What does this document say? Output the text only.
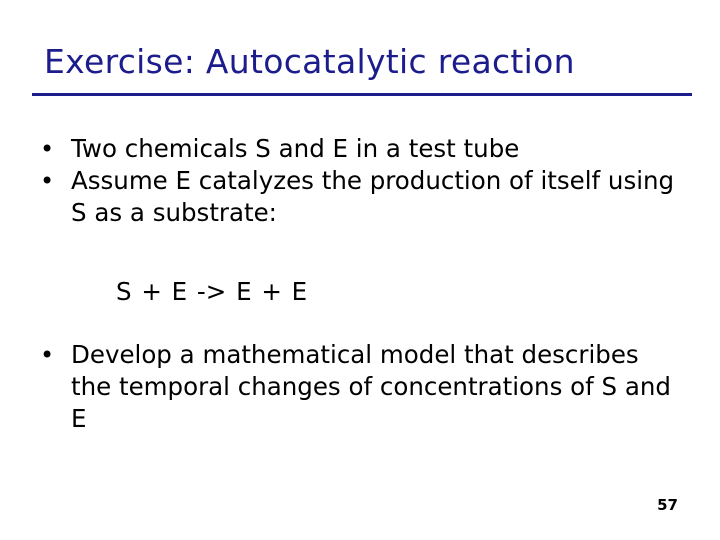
Exercise: Autocatalytic reaction
• Two chemicals S and E in a test tube
• Assume E catalyzes the production of itself using S as a substrate:
• Develop a mathematical model that describes the temporal changes of concentrations of S and E
S + E -> E + E
57
